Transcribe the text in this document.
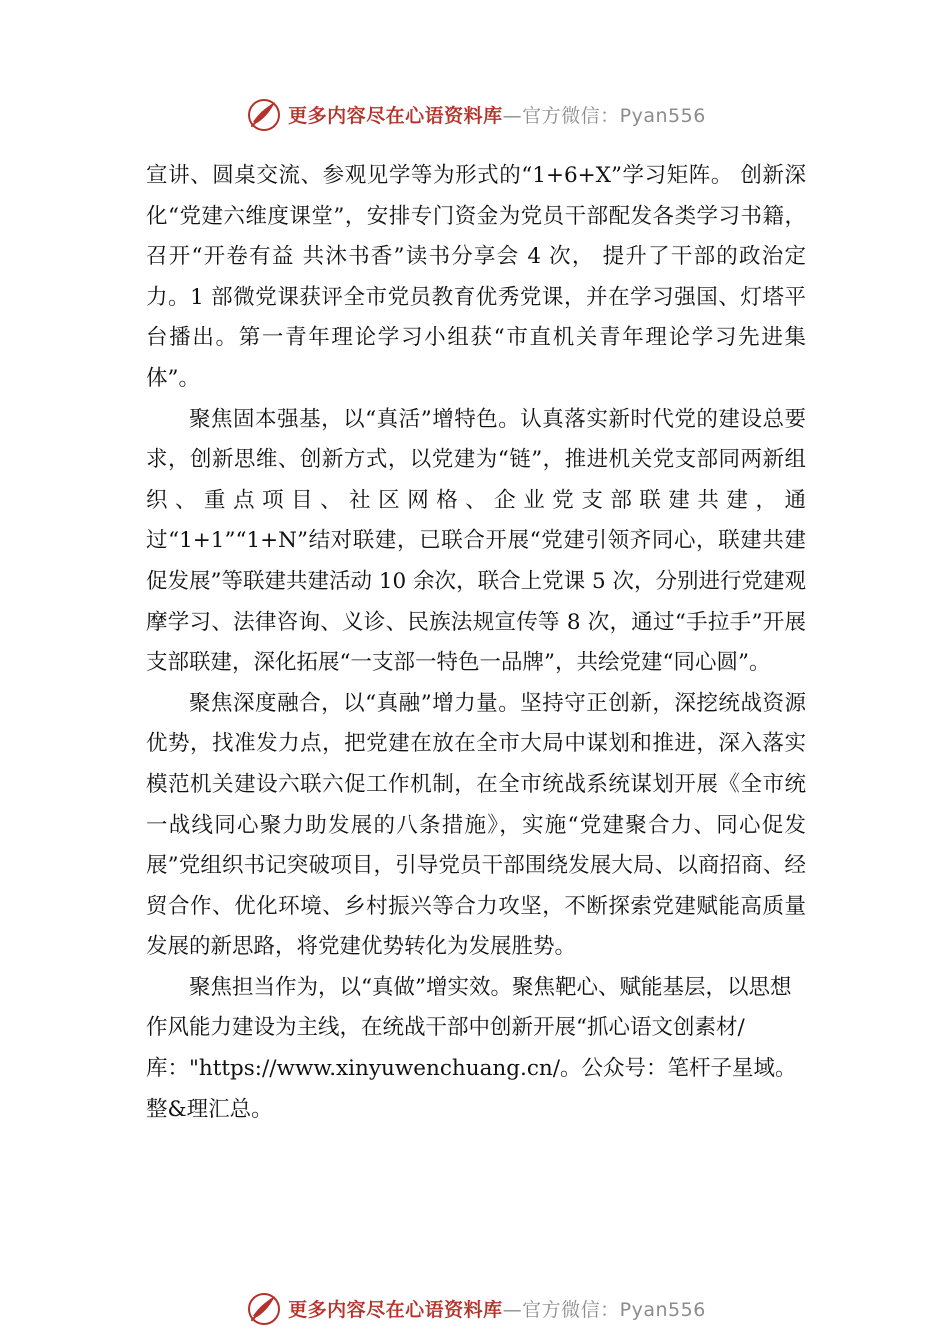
更多内容尽在心语资料库 —官方微信：Pyan556

宣讲、圆桌交流、参观见学等为形式的“1+6+X”学习矩阵。 创新深化“党建六维度课堂”，安排专门资金为党员干部配发各类学习书籍，召开“开卷有益 共沐书香”读书分享会 4 次， 提升了干部的政治定力。1 部微党课获评全市党员教育优秀党课，并在学习强国、灯塔平台播出。第一青年理论学习小组获“市直机关青年理论学习先进集体”。

聚焦固本强基，以“真活”增特色。认真落实新时代党的建设总要求，创新思维、创新方式，以党建为“链”，推进机关党支部同两新组织、重点项目、社区网格、企业党支部联建共建，通过“1+1”“1+N”结对联建，已联合开展“党建引领齐同心，联建共建促发展”等联建共建活动 10 余次，联合上党课 5 次，分别进行党建观摩学习、法律咨询、义诊、民族法规宣传等 8 次，通过“手拉手”开展支部联建，深化拓展“一支部一特色一品牌”，共绘党建“同心圆”。

聚焦深度融合，以“真融”增力量。坚持守正创新，深挖统战资源优势，找准发力点，把党建在放在全市大局中谋划和推进，深入落实模范机关建设六联六促工作机制，在全市统战系统谋划开展《全市统一战线同心聚力助发展的八条措施》，实施“党建聚合力、同心促发展”党组织书记突破项目，引导党员干部围绕发展大局、以商招商、经贸合作、优化环境、乡村振兴等合力攻坚，不断探索党建赋能高质量发展的新思路，将党建优势转化为发展胜势。

聚焦担当作为，以“真做”增实效。聚焦靶心、赋能基层，以思想作风能力建设为主线，在统战干部中创新开展“抓心语文创素材/库："https://www.xinyuwenchuang.cn/。公众号：笔杆子星域。整&理汇总。

更多内容尽在心语资料库 —官方微信：Pyan556
